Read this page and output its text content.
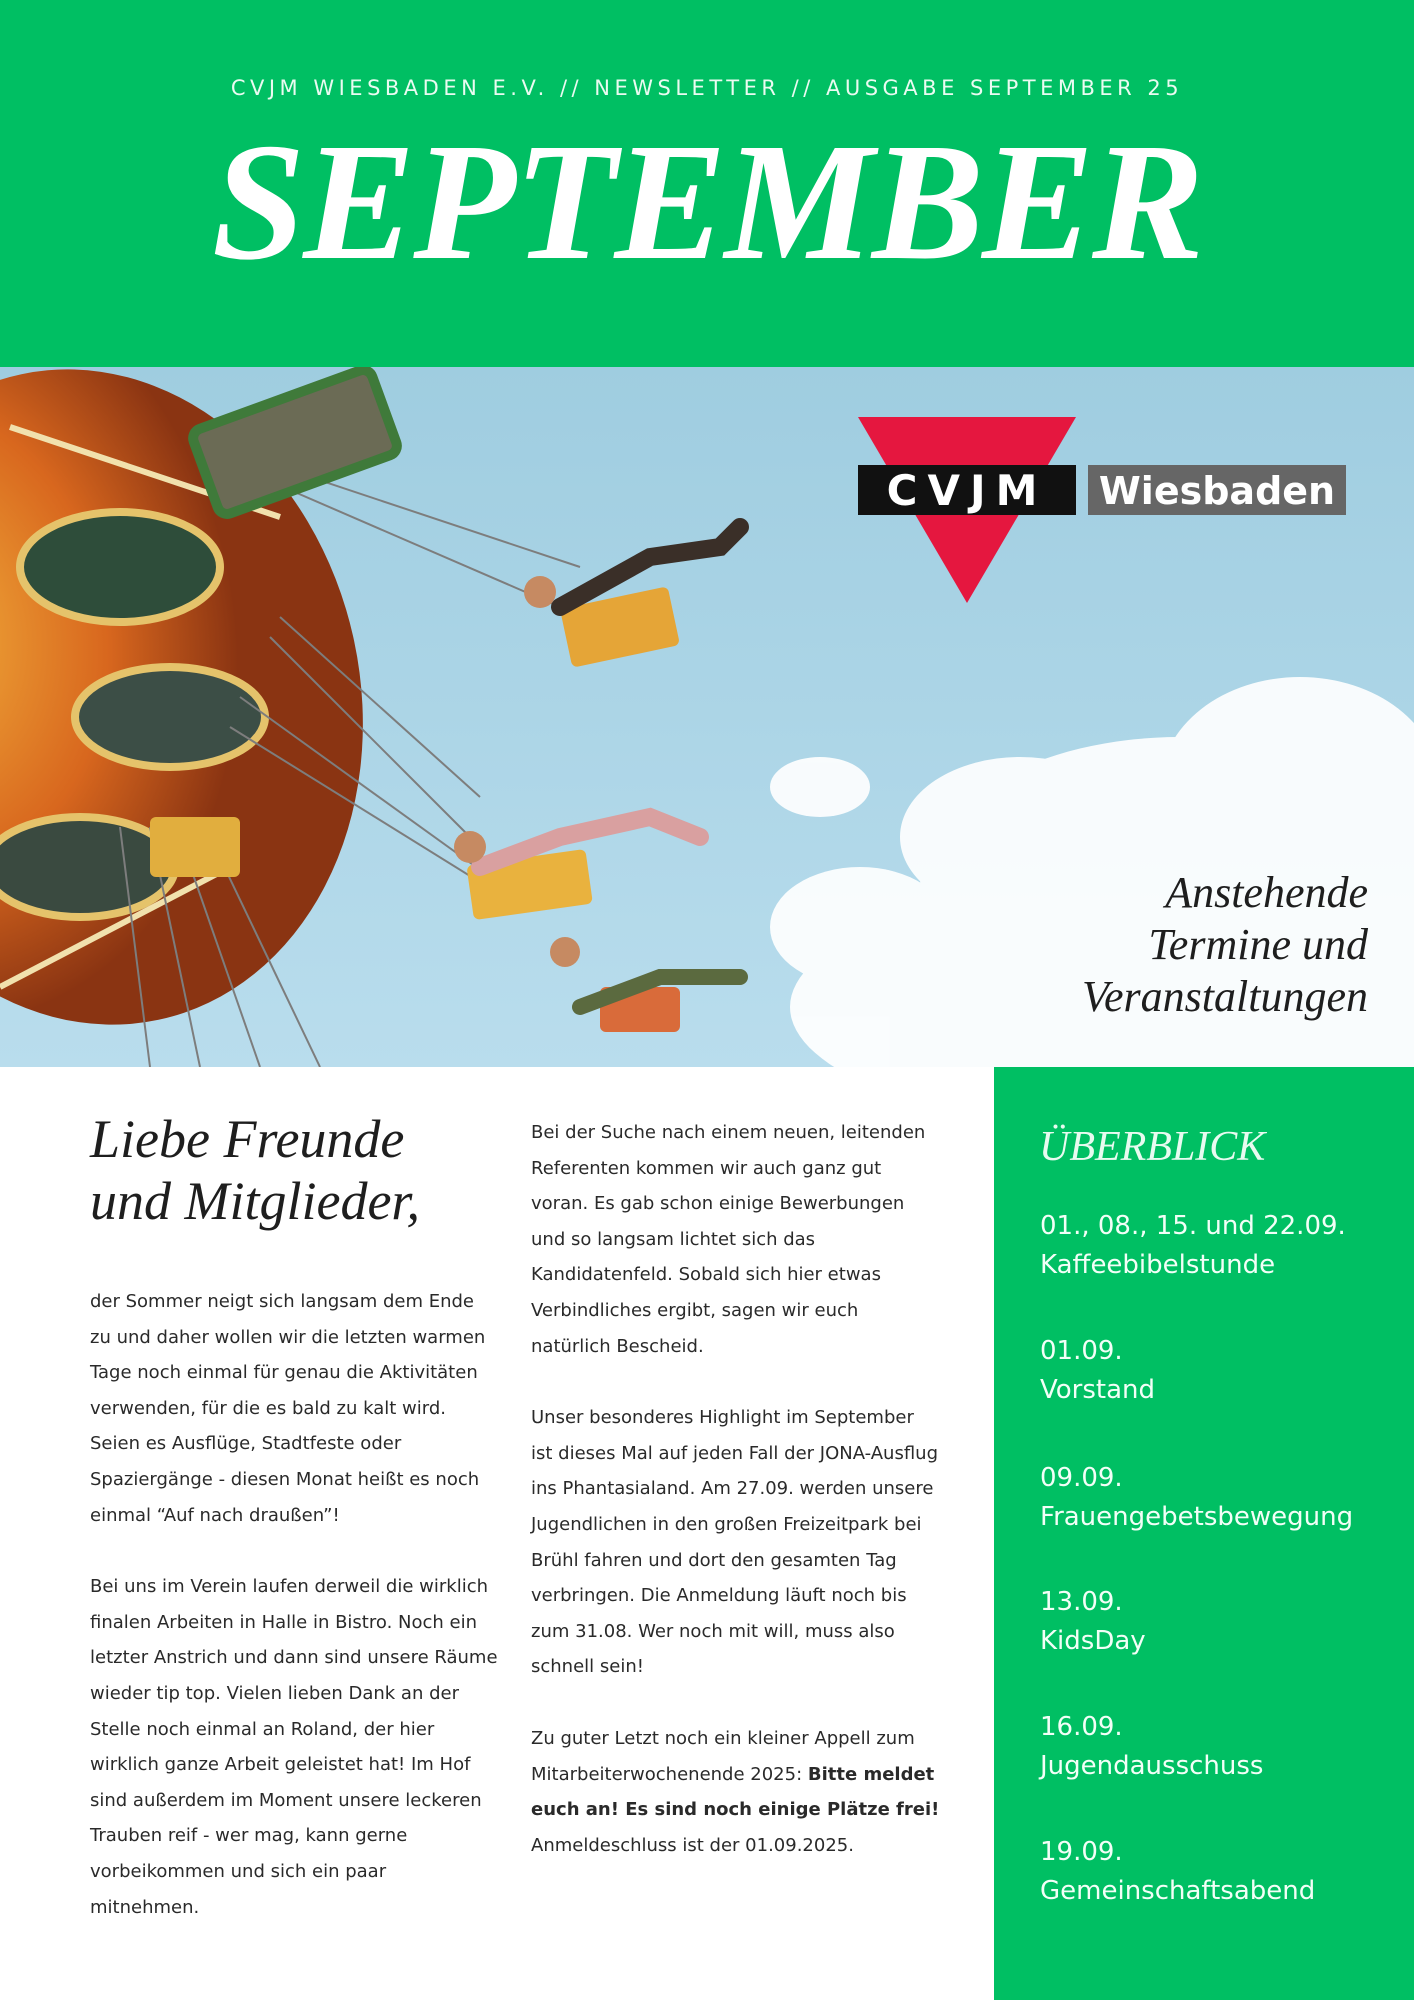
CVJM WIESBADEN E.V. // NEWSLETTER // AUSGABE SEPTEMBER 25
SEPTEMBER
CVJM Wiesbaden
Anstehende
Termine und
Veranstaltungen
Liebe Freunde
und Mitglieder,

der Sommer neigt sich langsam dem Ende zu und daher wollen wir die letzten warmen Tage noch einmal für genau die Aktivitäten verwenden, für die es bald zu kalt wird. Seien es Ausflüge, Stadtfeste oder Spaziergänge - diesen Monat heißt es noch einmal “Auf nach draußen”!

Bei uns im Verein laufen derweil die wirklich finalen Arbeiten in Halle in Bistro. Noch ein letzter Anstrich und dann sind unsere Räume wieder tip top. Vielen lieben Dank an der Stelle noch einmal an Roland, der hier wirklich ganze Arbeit geleistet hat! Im Hof sind außerdem im Moment unsere leckeren Trauben reif - wer mag, kann gerne vorbeikommen und sich ein paar mitnehmen.

Bei der Suche nach einem neuen, leitenden Referenten kommen wir auch ganz gut voran. Es gab schon einige Bewerbungen und so langsam lichtet sich das Kandidatenfeld. Sobald sich hier etwas Verbindliches ergibt, sagen wir euch natürlich Bescheid.

Unser besonderes Highlight im September ist dieses Mal auf jeden Fall der JONA-Ausflug ins Phantasialand. Am 27.09. werden unsere Jugendlichen in den großen Freizeitpark bei Brühl fahren und dort den gesamten Tag verbringen. Die Anmeldung läuft noch bis zum 31.08. Wer noch mit will, muss also schnell sein!

Zu guter Letzt noch ein kleiner Appell zum Mitarbeiterwochenende 2025: Bitte meldet euch an! Es sind noch einige Plätze frei! Anmeldeschluss ist der 01.09.2025.

ÜBERBLICK
01., 08., 15. und 22.09.
Kaffeebibelstunde
01.09.
Vorstand
09.09.
Frauengebetsbewegung
13.09.
KidsDay
16.09.
Jugendausschuss
19.09.
Gemeinschaftsabend
